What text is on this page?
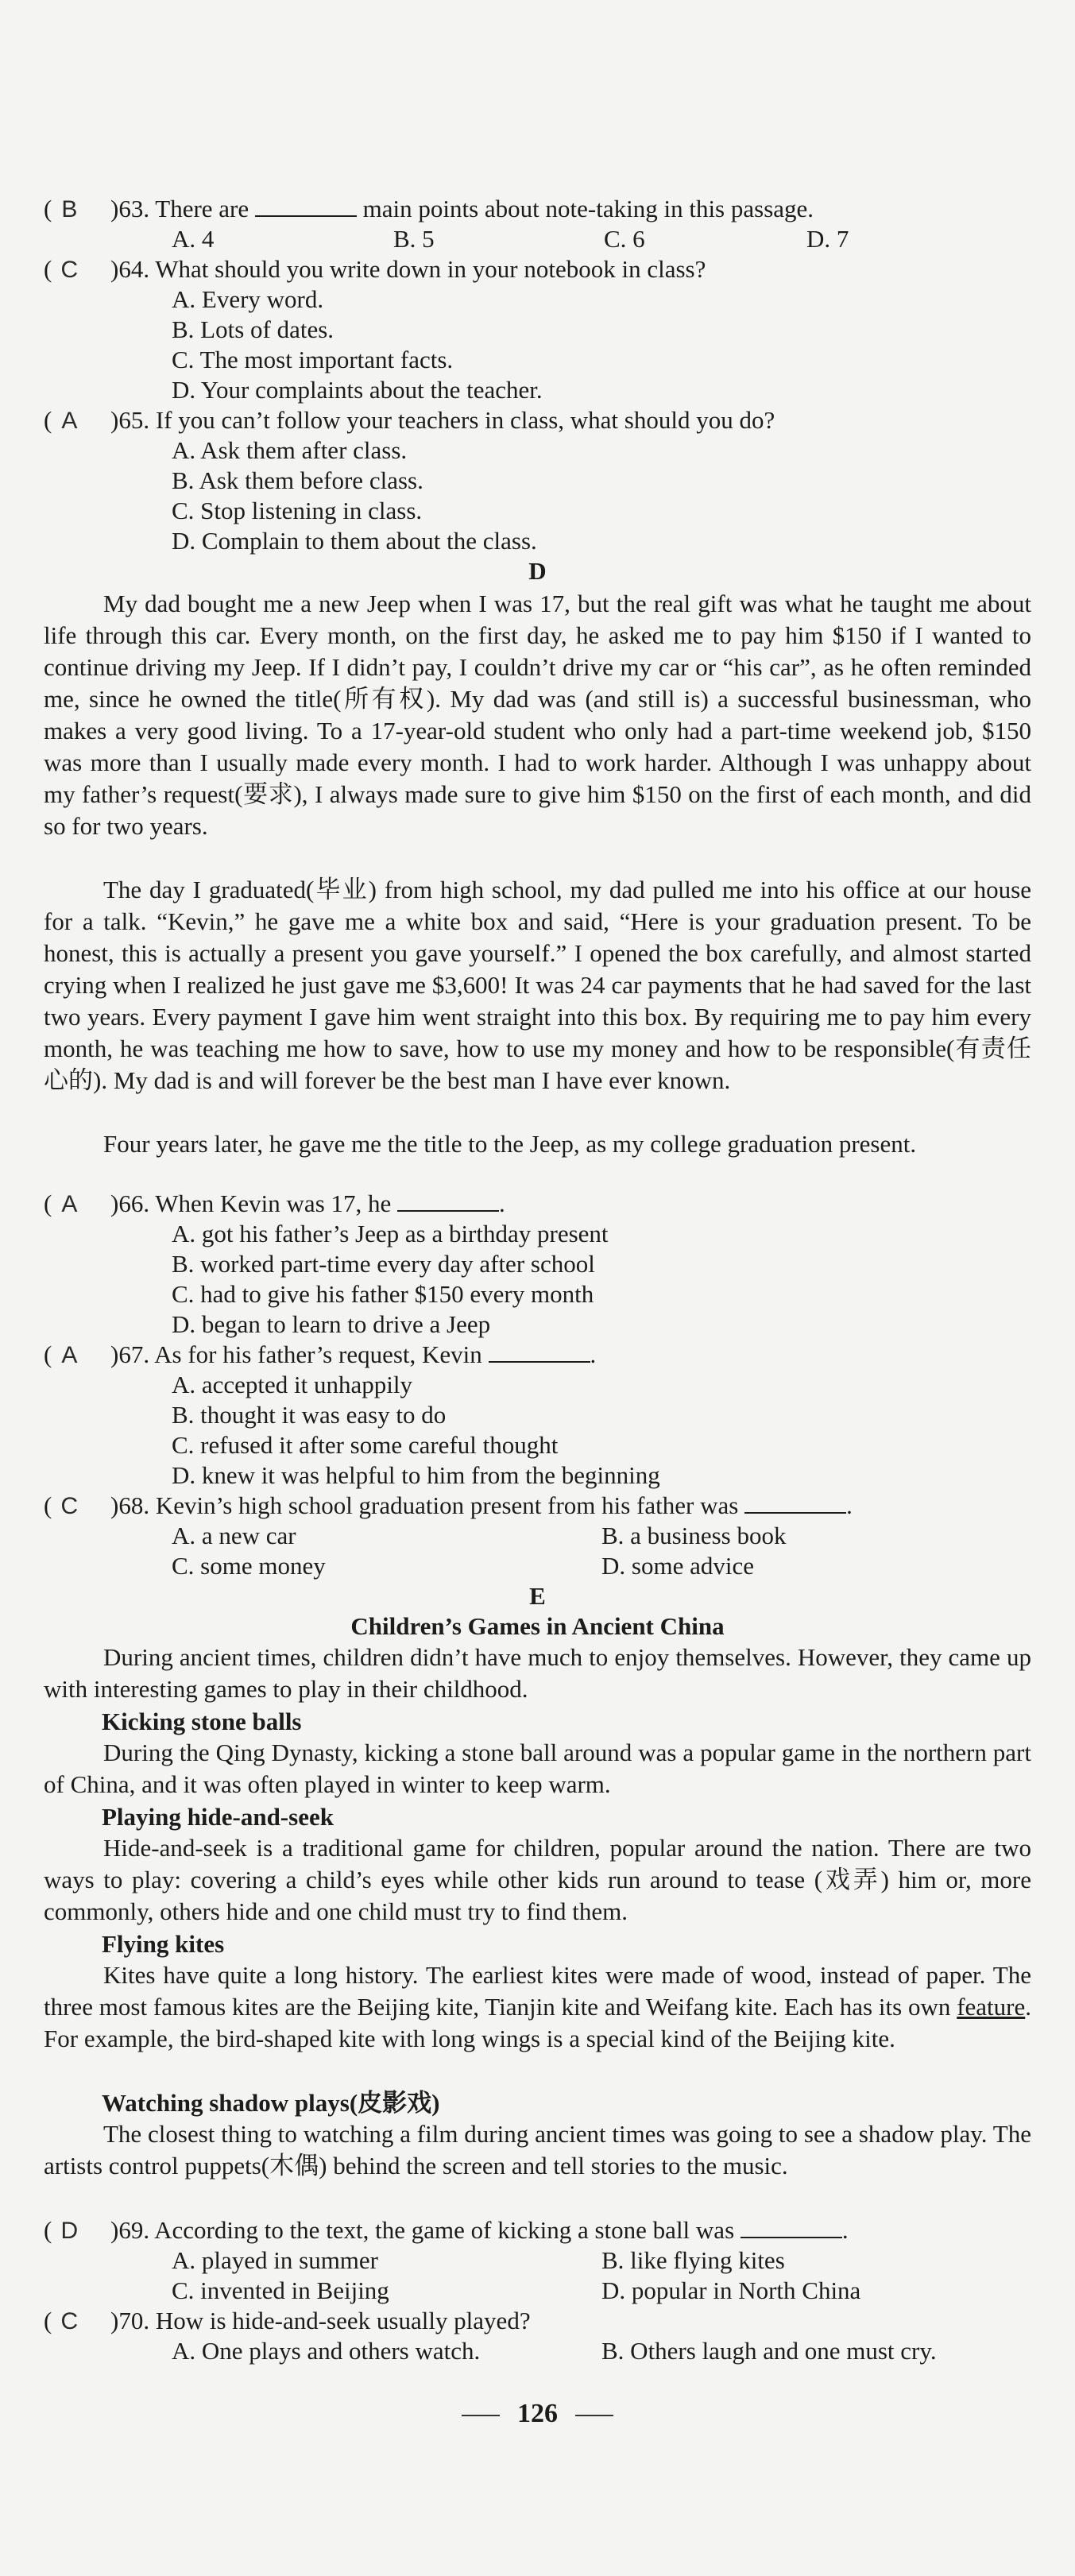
( B )63. There are	main points about note-taking in this passage.
A. 4	B. 5	C. 6	D. 7
( C )64. What should you write down in your notebook in class?
A. Every word.
B. Lots of dates.
C. The most important facts.
D. Your complaints about the teacher.
( A )65. If you can’t follow your teachers in class, what should you do?
A. Ask them after class.
B. Ask them before class.
C. Stop listening in class.
D. Complain to them about the class.
D
My dad bought me a new Jeep when I was 17, but the real gift was what he taught me about life through this car. Every month, on the first day, he asked me to pay him $150 if I wanted to continue driving my Jeep. If I didn’t pay, I couldn’t drive my car or “his car”, as he often reminded me, since he owned the title(所有权). My dad was (and still is) a successful businessman, who makes a very good living. To a 17-year-old student who only had a part-time weekend job, $150 was more than I usually made every month. I had to work harder. Although I was unhappy about my father’s request(要求), I always made sure to give him $150 on the first of each month, and did so for two years.
The day I graduated(毕业) from high school, my dad pulled me into his office at our house for a talk. “Kevin,” he gave me a white box and said, “Here is your graduation present. To be honest, this is actually a present you gave yourself.” I opened the box carefully, and almost started crying when I realized he just gave me $3,600! It was 24 car payments that he had saved for the last two years. Every payment I gave him went straight into this box. By requiring me to pay him every month, he was teaching me how to save, how to use my money and how to be responsible(有责任心的). My dad is and will forever be the best man I have ever known.
Four years later, he gave me the title to the Jeep, as my college graduation present.
( A )66. When Kevin was 17, he	.
A. got his father’s Jeep as a birthday present
B. worked part-time every day after school
C. had to give his father $150 every month
D. began to learn to drive a Jeep
( A )67. As for his father’s request, Kevin	.
A. accepted it unhappily
B. thought it was easy to do
C. refused it after some careful thought
D. knew it was helpful to him from the beginning
( C )68. Kevin’s high school graduation present from his father was	.
A. a new car	B. a business book
C. some money	D. some advice
E
Children’s Games in Ancient China
During ancient times, children didn’t have much to enjoy themselves. However, they came up with interesting games to play in their childhood.
Kicking stone balls
During the Qing Dynasty, kicking a stone ball around was a popular game in the northern part of China, and it was often played in winter to keep warm.
Playing hide-and-seek
Hide-and-seek is a traditional game for children, popular around the nation. There are two ways to play: covering a child’s eyes while other kids run around to tease (戏弄) him or, more commonly, others hide and one child must try to find them.
Flying kites
Kites have quite a long history. The earliest kites were made of wood, instead of paper. The three most famous kites are the Beijing kite, Tianjin kite and Weifang kite. Each has its own feature. For example, the bird-shaped kite with long wings is a special kind of the Beijing kite.
Watching shadow plays(皮影戏)
The closest thing to watching a film during ancient times was going to see a shadow play. The artists control puppets(木偶) behind the screen and tell stories to the music.
( D )69. According to the text, the game of kicking a stone ball was	.
A. played in summer	B. like flying kites
C. invented in Beijing	D. popular in North China
( C )70. How is hide-and-seek usually played?
A. One plays and others watch.	B. Others laugh and one must cry.
126
